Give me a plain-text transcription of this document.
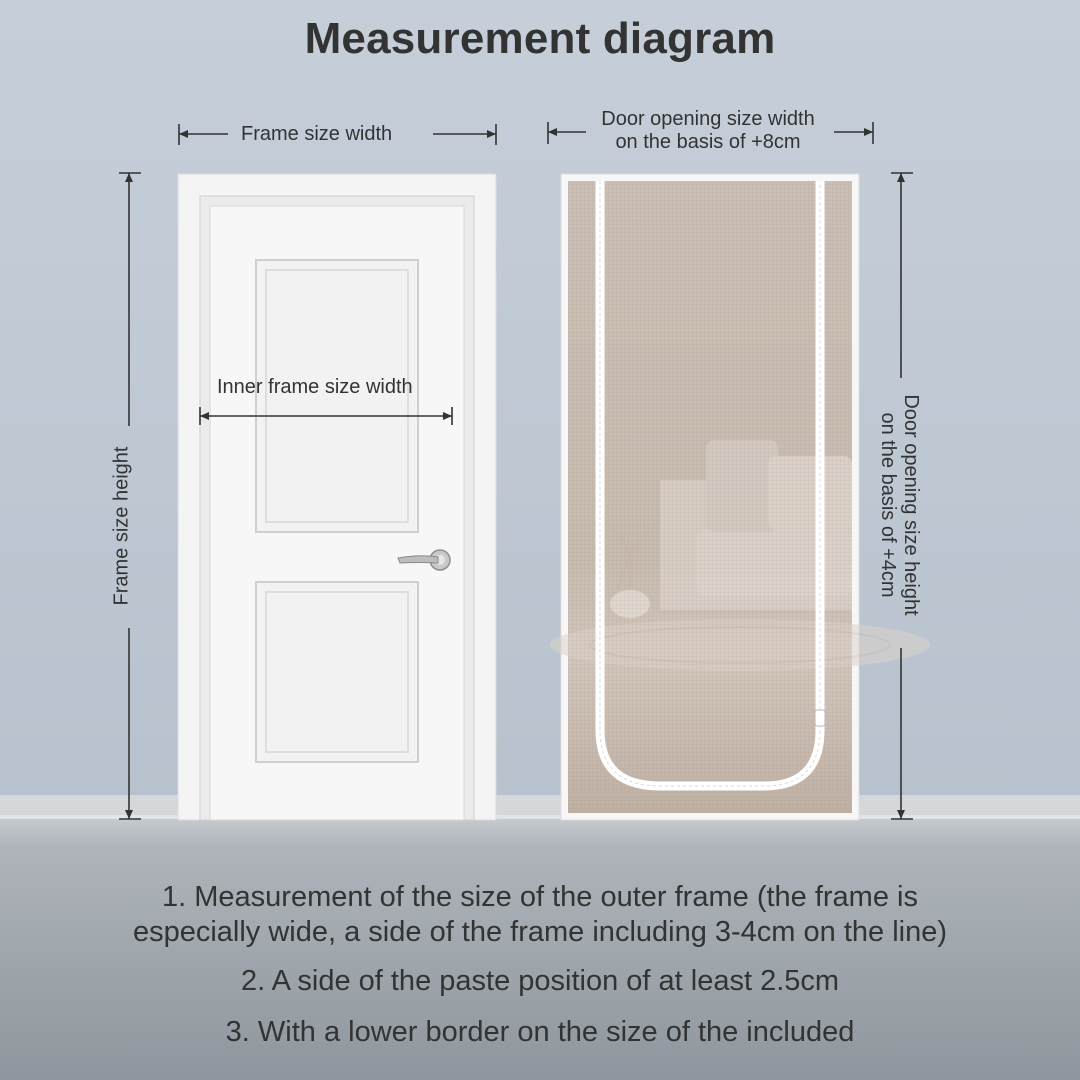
Measurement diagram
Frame size width
Door opening size width
on the basis of +8cm
Inner frame size width
Frame size height	Door opening size height
on the basis of +4cm
1. Measurement of the size of the outer frame (the frame is
especially wide, a side of the frame including 3-4cm on the line)
2. A side of the paste position of at least 2.5cm
3. With a lower border on the size of the included
